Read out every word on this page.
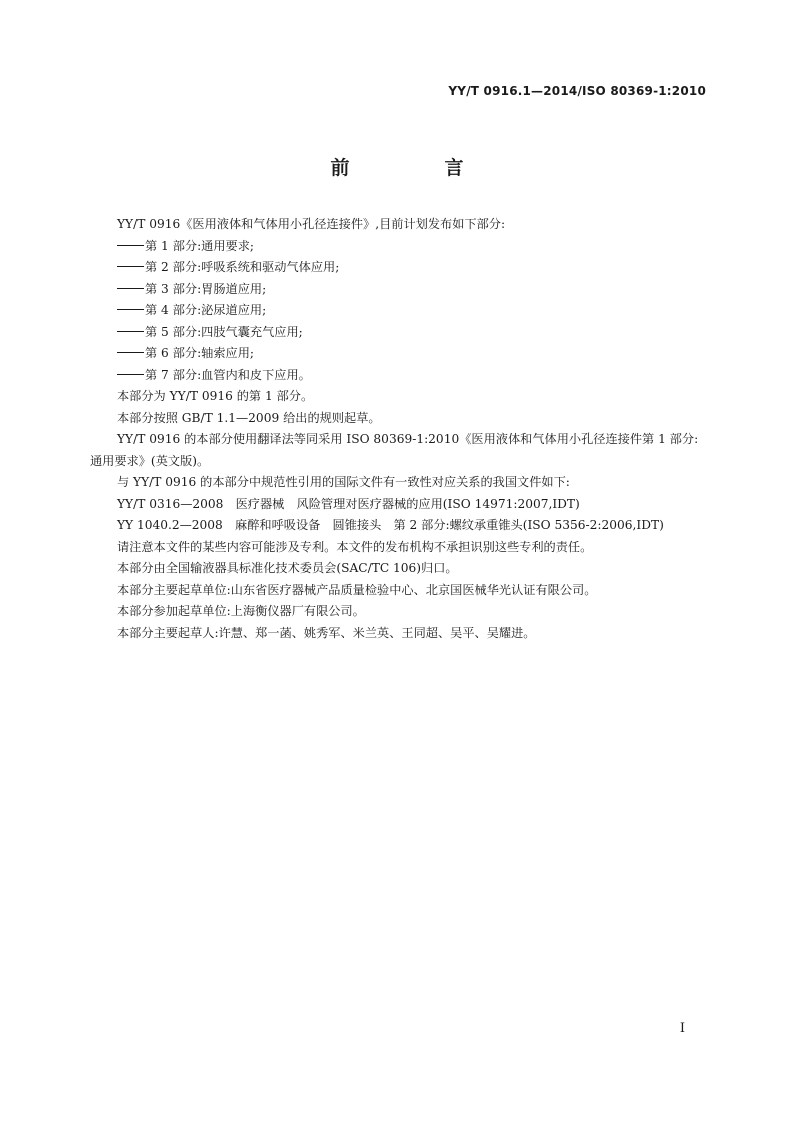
YY/T 0916.1—2014/ISO 80369-1:2010
前　言

YY/T 0916《医用液体和气体用小孔径连接件》,目前计划发布如下部分:

第 1 部分:通用要求;

第 2 部分:呼吸系统和驱动气体应用;

第 3 部分:胃肠道应用;

第 4 部分:泌尿道应用;

第 5 部分:四肢气囊充气应用;

第 6 部分:轴索应用;

第 7 部分:血管内和皮下应用。

本部分为 YY/T 0916 的第 1 部分。

本部分按照 GB/T 1.1—2009 给出的规则起草。

YY/T 0916 的本部分使用翻译法等同采用 ISO 80369-1:2010《医用液体和气体用小孔径连接件第 1 部分:通用要求》(英文版)。

与 YY/T 0916 的本部分中规范性引用的国际文件有一致性对应关系的我国文件如下:

YY/T 0316—2008　医疗器械　风险管理对医疗器械的应用(ISO 14971:2007,IDT)

YY 1040.2—2008　麻醉和呼吸设备　圆锥接头　第 2 部分:螺纹承重锥头(ISO 5356-2:2006,IDT)

请注意本文件的某些内容可能涉及专利。本文件的发布机构不承担识别这些专利的责任。

本部分由全国输液器具标准化技术委员会(SAC/TC 106)归口。

本部分主要起草单位:山东省医疗器械产品质量检验中心、北京国医械华光认证有限公司。

本部分参加起草单位:上海衡仪器厂有限公司。

本部分主要起草人:许慧、郑一菡、姚秀军、米兰英、王同超、吴平、吴耀进。

I
